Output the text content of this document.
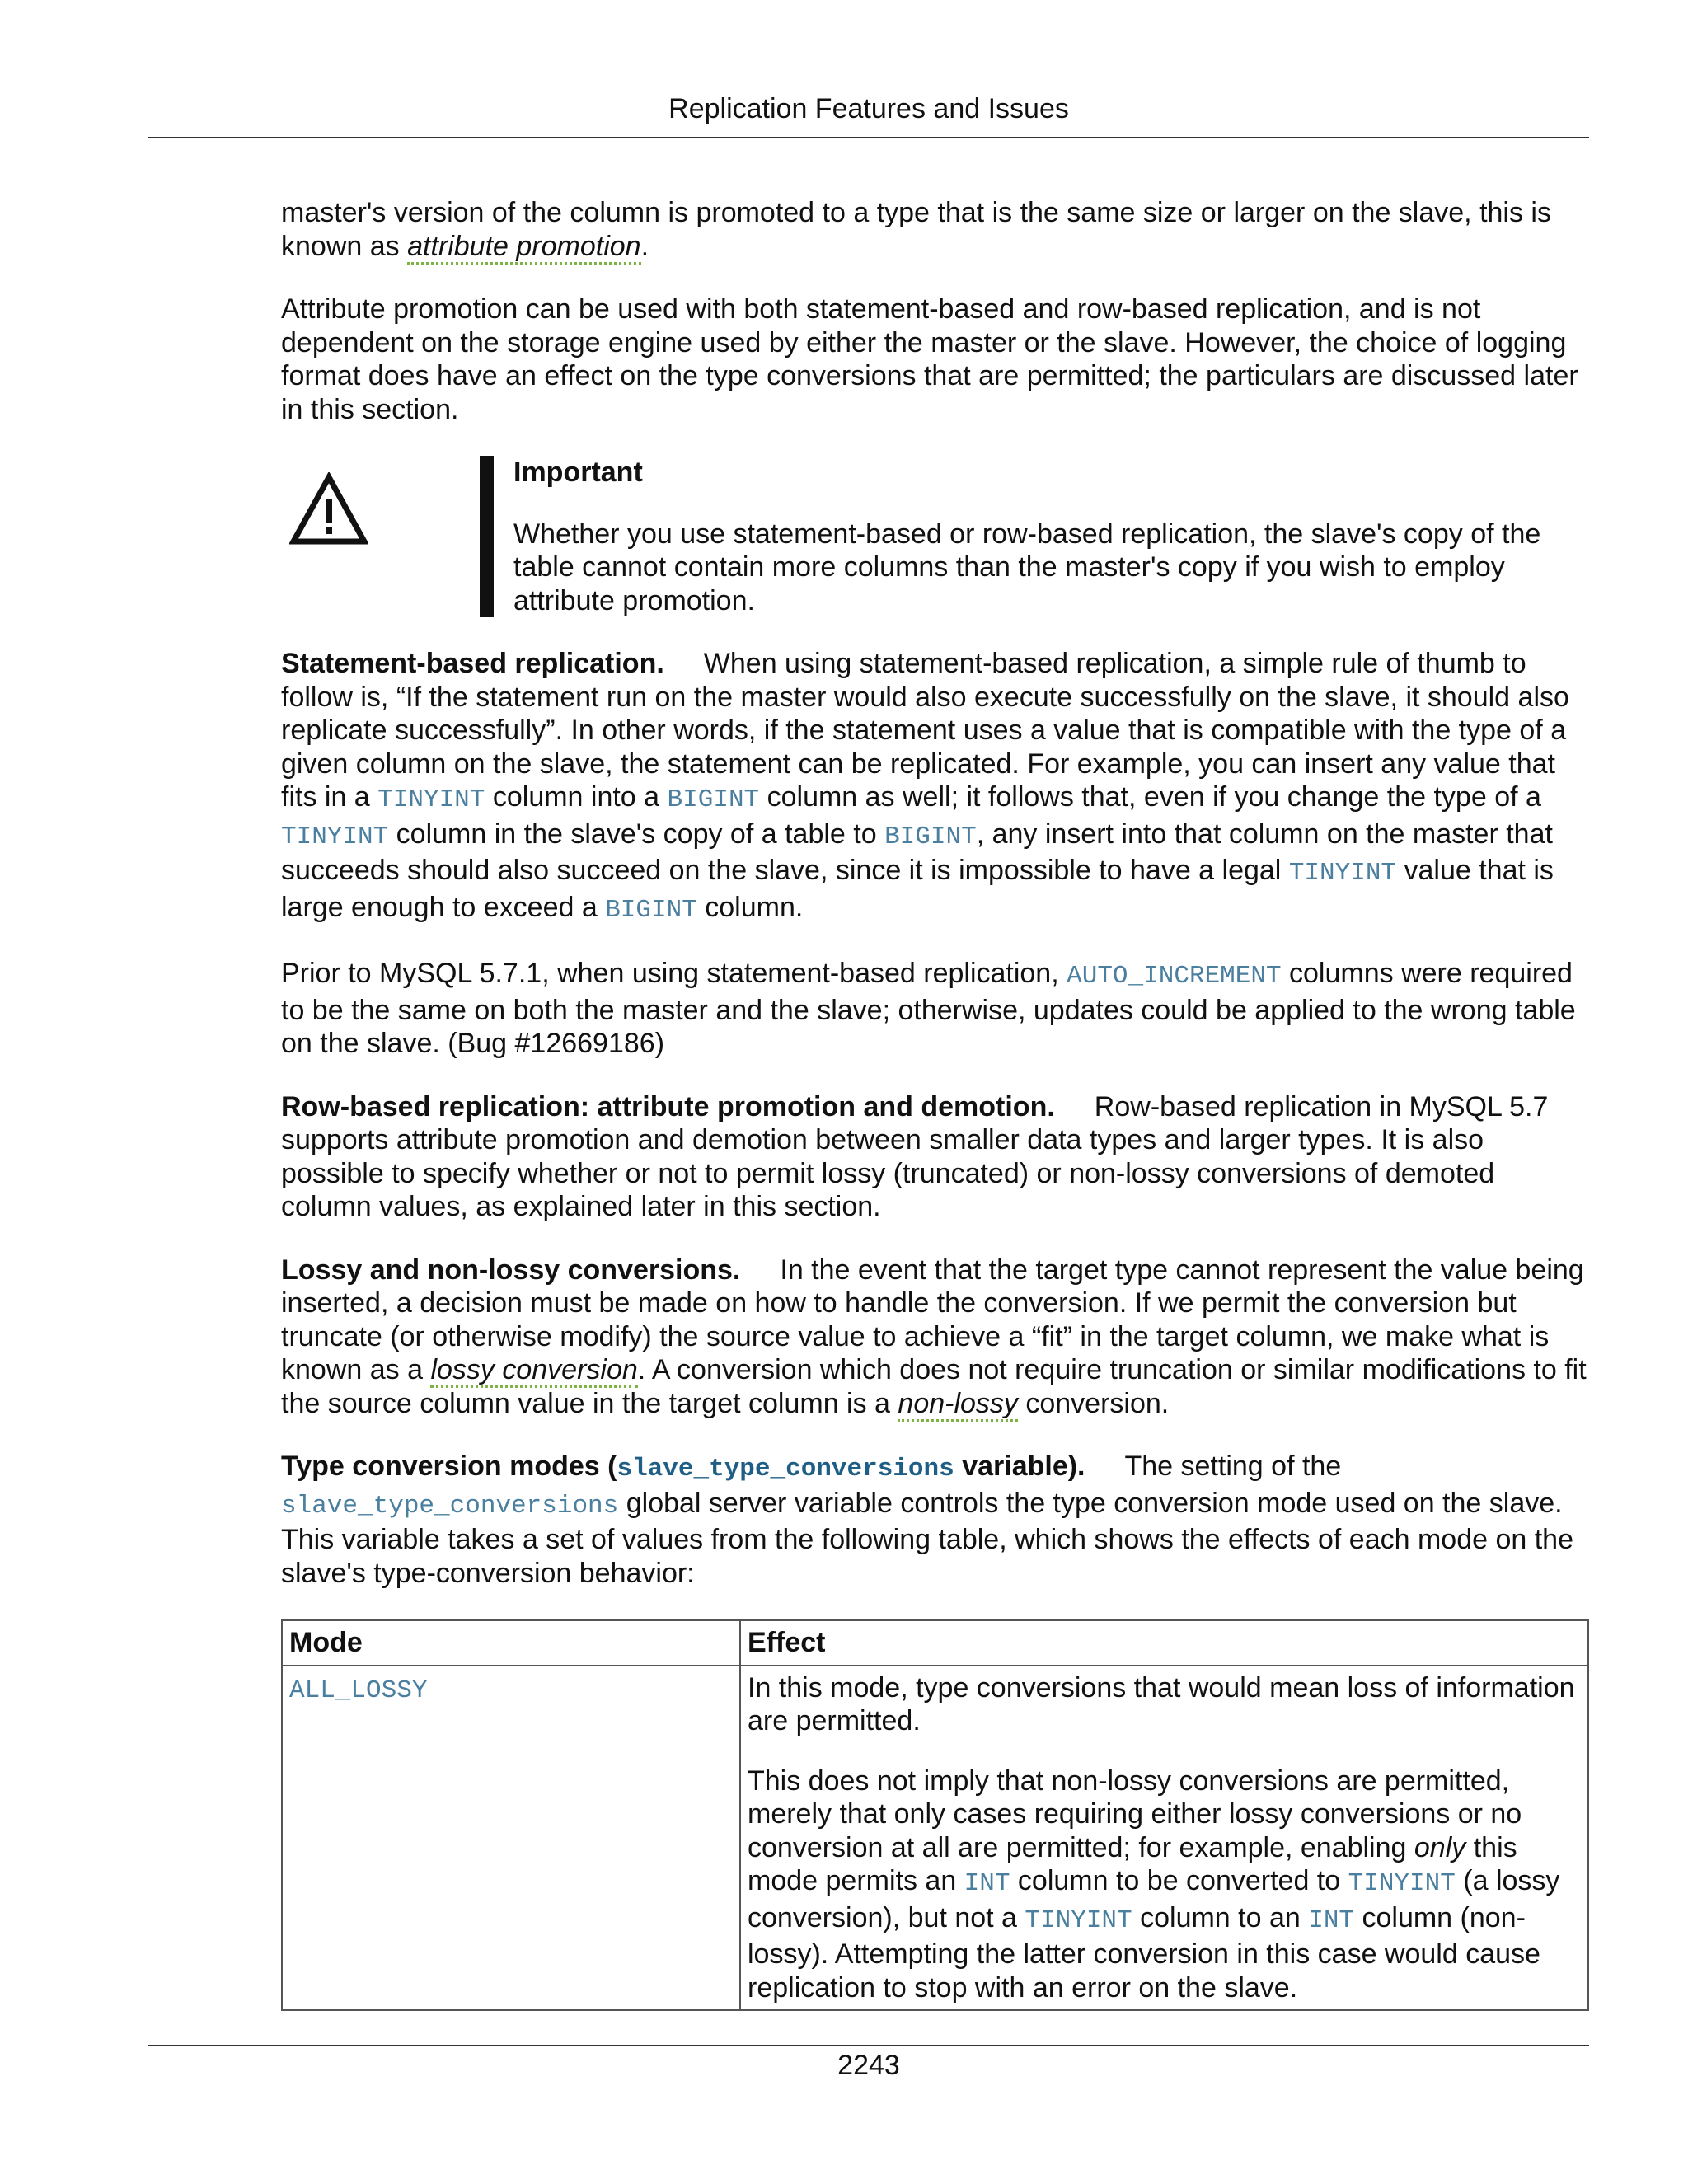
Replication Features and Issues

master's version of the column is promoted to a type that is the same size or larger on the slave, this is known as attribute promotion.

Attribute promotion can be used with both statement-based and row-based replication, and is not dependent on the storage engine used by either the master or the slave. However, the choice of logging format does have an effect on the type conversions that are permitted; the particulars are discussed later in this section.

Important

Whether you use statement-based or row-based replication, the slave's copy of the table cannot contain more columns than the master's copy if you wish to employ attribute promotion.

Statement-based replication. When using statement-based replication, a simple rule of thumb to follow is, “If the statement run on the master would also execute successfully on the slave, it should also replicate successfully”. In other words, if the statement uses a value that is compatible with the type of a given column on the slave, the statement can be replicated. For example, you can insert any value that fits in a TINYINT column into a BIGINT column as well; it follows that, even if you change the type of a TINYINT column in the slave's copy of a table to BIGINT, any insert into that column on the master that succeeds should also succeed on the slave, since it is impossible to have a legal TINYINT value that is large enough to exceed a BIGINT column.

Prior to MySQL 5.7.1, when using statement-based replication, AUTO_INCREMENT columns were required to be the same on both the master and the slave; otherwise, updates could be applied to the wrong table on the slave. (Bug #12669186)

Row-based replication: attribute promotion and demotion. Row-based replication in MySQL 5.7 supports attribute promotion and demotion between smaller data types and larger types. It is also possible to specify whether or not to permit lossy (truncated) or non-lossy conversions of demoted column values, as explained later in this section.

Lossy and non-lossy conversions. In the event that the target type cannot represent the value being inserted, a decision must be made on how to handle the conversion. If we permit the conversion but truncate (or otherwise modify) the source value to achieve a “fit” in the target column, we make what is known as a lossy conversion. A conversion which does not require truncation or similar modifications to fit the source column value in the target column is a non-lossy conversion.

Type conversion modes (slave_type_conversions variable). The setting of the slave_type_conversions global server variable controls the type conversion mode used on the slave. This variable takes a set of values from the following table, which shows the effects of each mode on the slave's type-conversion behavior:

Mode	Effect
ALL_LOSSY	In this mode, type conversions that would mean loss of information are permitted.

This does not imply that non-lossy conversions are permitted, merely that only cases requiring either lossy conversions or no conversion at all are permitted; for example, enabling only this mode permits an INT column to be converted to TINYINT (a lossy conversion), but not a TINYINT column to an INT column (non-lossy). Attempting the latter conversion in this case would cause replication to stop with an error on the slave.

2243
